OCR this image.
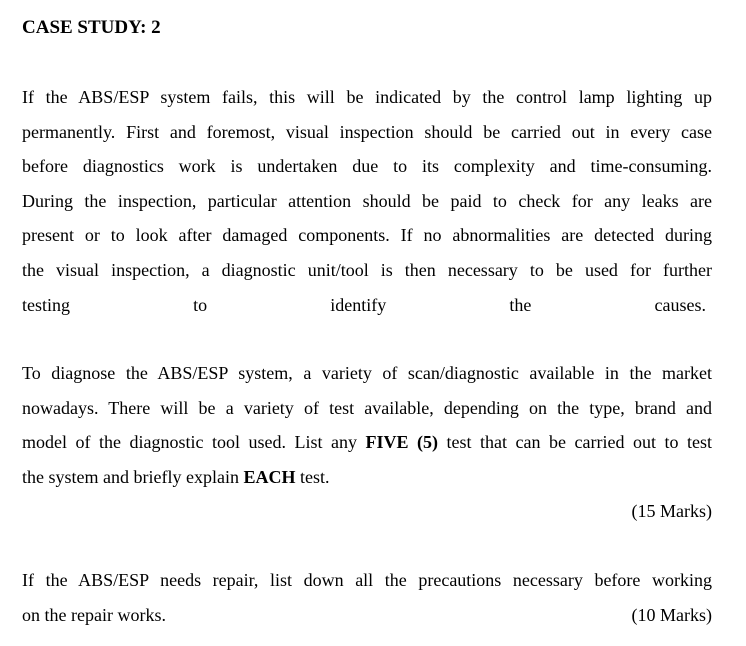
CASE STUDY: 2
If the ABS/ESP system fails, this will be indicated by the control lamp lighting up
permanently. First and foremost, visual inspection should be carried out in every case
before diagnostics work is undertaken due to its complexity and time-consuming.
During the inspection, particular attention should be paid to check for any leaks are
present or to look after damaged components. If no abnormalities are detected during
the visual inspection, a diagnostic unit/tool is then necessary to be used for further
testing	to	identify	the	causes.
To diagnose the ABS/ESP system, a variety of scan/diagnostic available in the market
nowadays. There will be a variety of test available, depending on the type, brand and
model of the diagnostic tool used. List any FIVE (5) test that can be carried out to test
the system and briefly explain EACH test.
(15 Marks)
If the ABS/ESP needs repair, list down all the precautions necessary before working
on the repair works.	(10 Marks)
